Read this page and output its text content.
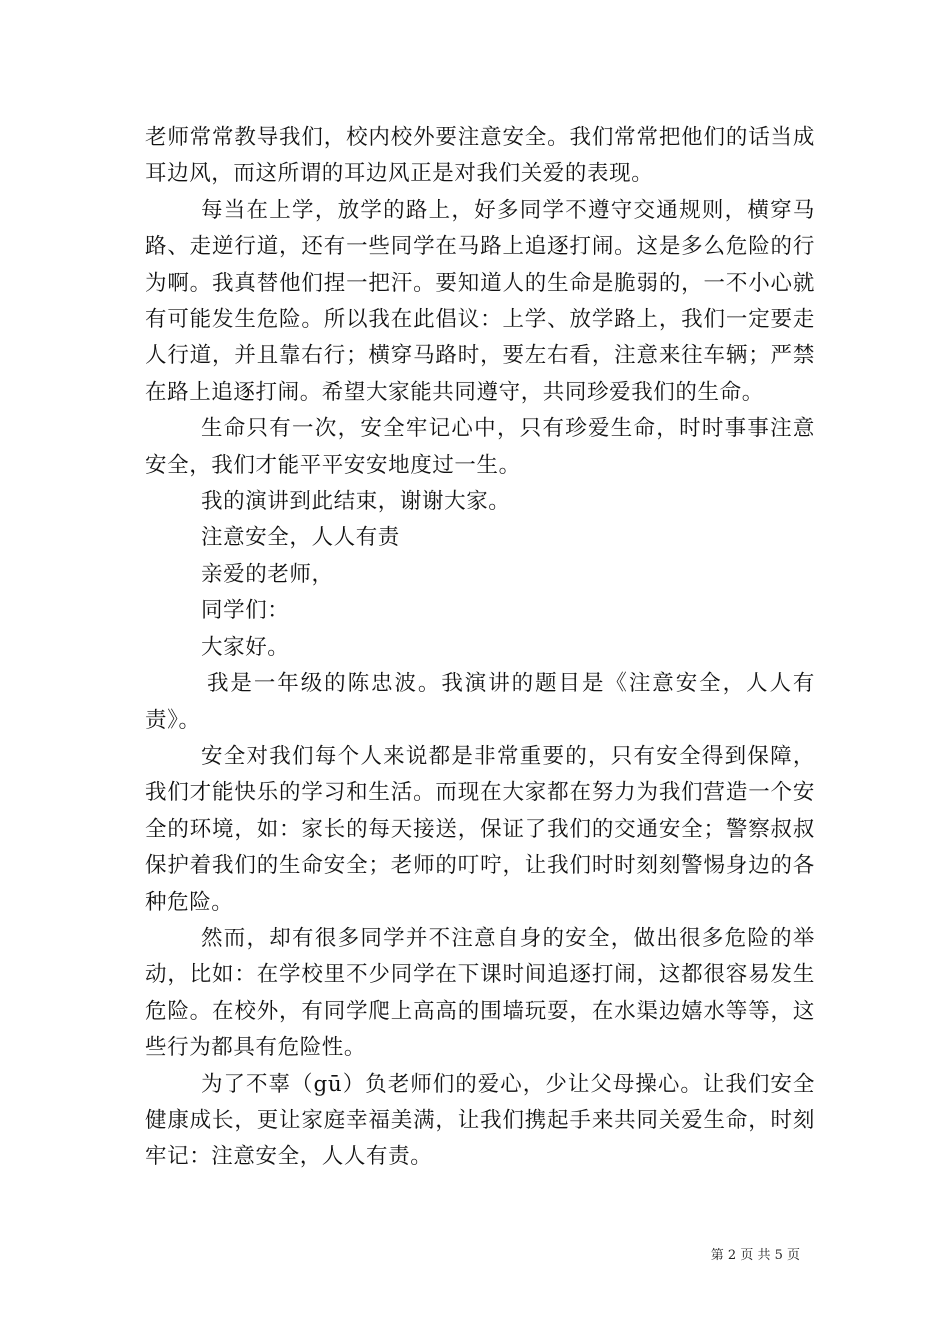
老师常常教导我们，校内校外要注意安全。我们常常把他们的话当成耳边风，而这所谓的耳边风正是对我们关爱的表现。

每当在上学，放学的路上，好多同学不遵守交通规则，横穿马路、走逆行道，还有一些同学在马路上追逐打闹。这是多么危险的行为啊。我真替他们捏一把汗。要知道人的生命是脆弱的，一不小心就有可能发生危险。所以我在此倡议：上学、放学路上，我们一定要走人行道，并且靠右行；横穿马路时，要左右看，注意来往车辆；严禁在路上追逐打闹。希望大家能共同遵守，共同珍爱我们的生命。

生命只有一次，安全牢记心中，只有珍爱生命，时时事事注意安全，我们才能平平安安地度过一生。

我的演讲到此结束，谢谢大家。

注意安全，人人有责

亲爱的老师，

同学们：

大家好。

我是一年级的陈忠波。我演讲的题目是《注意安全，人人有责》。

安全对我们每个人来说都是非常重要的，只有安全得到保障，我们才能快乐的学习和生活。而现在大家都在努力为我们营造一个安全的环境，如：家长的每天接送，保证了我们的交通安全；警察叔叔保护着我们的生命安全；老师的叮咛，让我们时时刻刻警惕身边的各种危险。

然而，却有很多同学并不注意自身的安全，做出很多危险的举动，比如：在学校里不少同学在下课时间追逐打闹，这都很容易发生危险。在校外，有同学爬上高高的围墙玩耍，在水渠边嬉水等等，这些行为都具有危险性。

为了不辜（gū）负老师们的爱心，少让父母操心。让我们安全健康成长，更让家庭幸福美满，让我们携起手来共同关爱生命，时刻牢记：注意安全，人人有责。

第 2 页 共 5 页
